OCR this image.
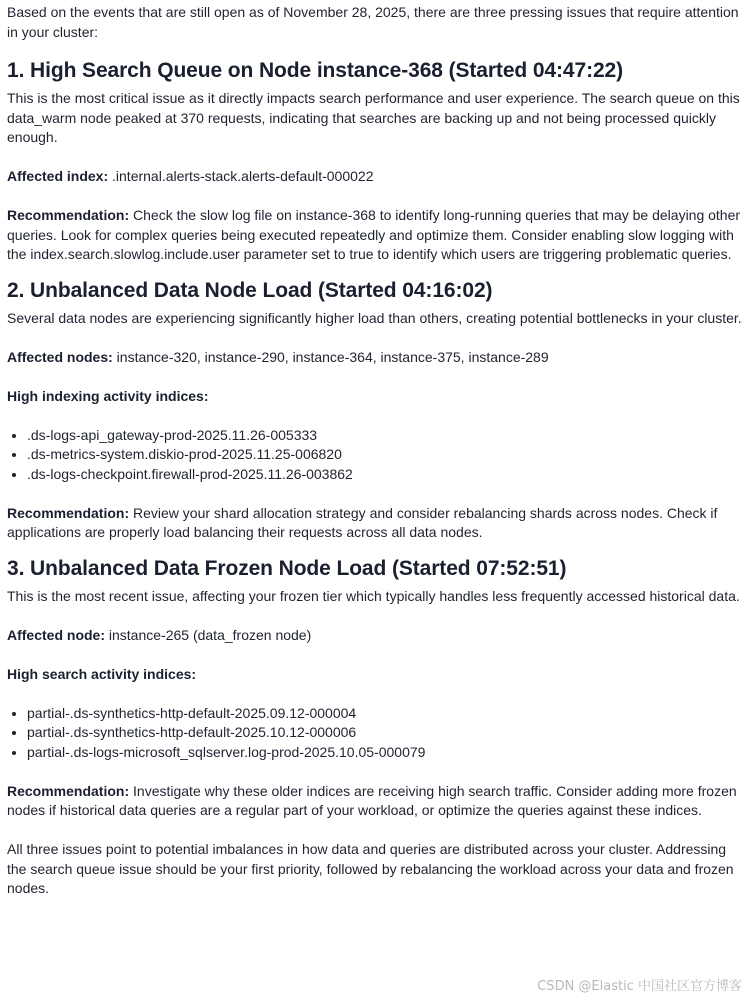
Based on the events that are still open as of November 28, 2025, there are three pressing issues that require attention in your cluster:

1. High Search Queue on Node instance-368 (Started 04:47:22)

This is the most critical issue as it directly impacts search performance and user experience. The search queue on this data_warm node peaked at 370 requests, indicating that searches are backing up and not being processed quickly enough.

Affected index: .internal.alerts-stack.alerts-default-000022

Recommendation: Check the slow log file on instance-368 to identify long-running queries that may be delaying other queries. Look for complex queries being executed repeatedly and optimize them. Consider enabling slow logging with the index.search.slowlog.include.user parameter set to true to identify which users are triggering problematic queries.

2. Unbalanced Data Node Load (Started 04:16:02)

Several data nodes are experiencing significantly higher load than others, creating potential bottlenecks in your cluster.

Affected nodes: instance-320, instance-290, instance-364, instance-375, instance-289

High indexing activity indices:

• .ds-logs-api_gateway-prod-2025.11.26-005333
• .ds-metrics-system.diskio-prod-2025.11.25-006820
• .ds-logs-checkpoint.firewall-prod-2025.11.26-003862

Recommendation: Review your shard allocation strategy and consider rebalancing shards across nodes. Check if applications are properly load balancing their requests across all data nodes.

3. Unbalanced Data Frozen Node Load (Started 07:52:51)

This is the most recent issue, affecting your frozen tier which typically handles less frequently accessed historical data.

Affected node: instance-265 (data_frozen node)

High search activity indices:

• partial-.ds-synthetics-http-default-2025.09.12-000004
• partial-.ds-synthetics-http-default-2025.10.12-000006
• partial-.ds-logs-microsoft_sqlserver.log-prod-2025.10.05-000079

Recommendation: Investigate why these older indices are receiving high search traffic. Consider adding more frozen nodes if historical data queries are a regular part of your workload, or optimize the queries against these indices.

All three issues point to potential imbalances in how data and queries are distributed across your cluster. Addressing the search queue issue should be your first priority, followed by rebalancing the workload across your data and frozen nodes.

CSDN @Elastic 中国社区官方博客
